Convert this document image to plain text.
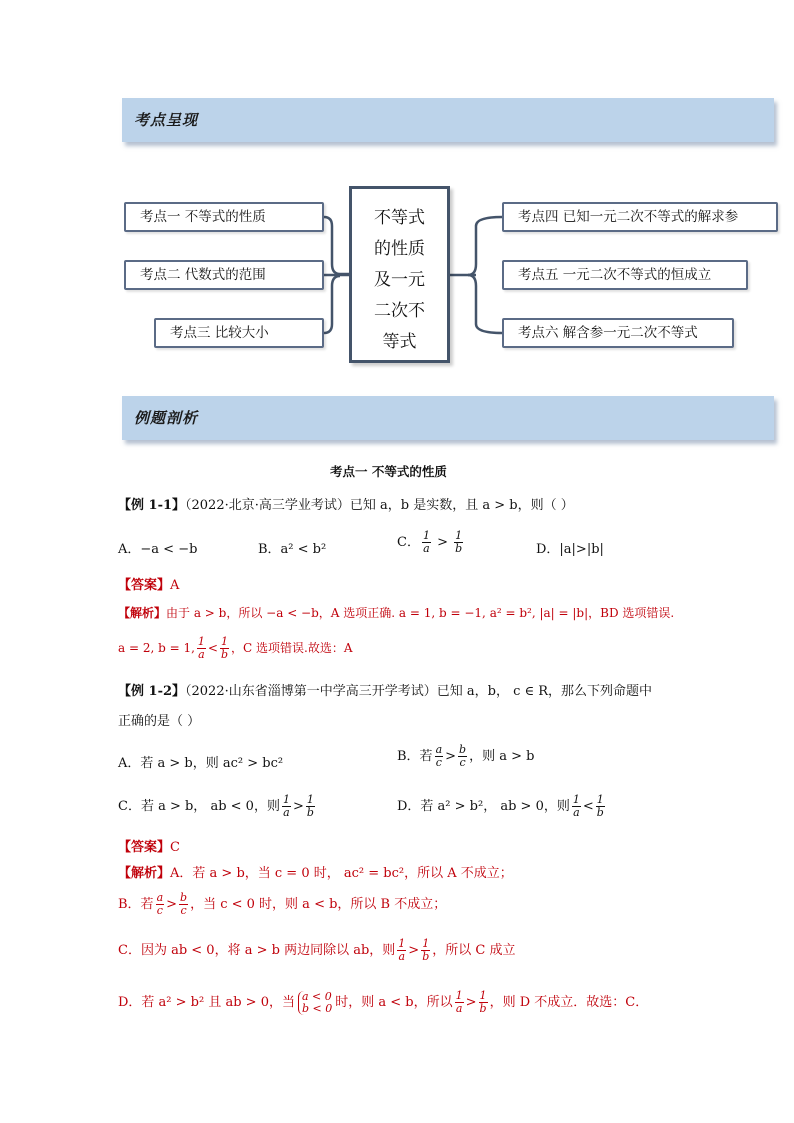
考点呈现
考点一 不等式的性质
考点二 代数式的范围
考点三 比较大小
不等式
的性质
及一元
二次不
等式
考点四 已知一元二次不等式的解求参
考点五 一元二次不等式的恒成立
考点六 解含参一元二次不等式
例题剖析
考点一 不等式的性质
【例 1-1】（2022·北京·高三学业考试）已知 a，b 是实数，且 a > b，则（ ）
A．−a < −b	B．a² < b²	C． $\frac{1}{a} > \frac{1}{b}$	D．|a|>|b|
【答案】A
【解析】由于 a > b，所以 −a < −b，A 选项正确. a = 1, b = −1, a² = b², |a| = |b|，BD 选项错误.
a = 2, b = 1, $\frac{1}{a} < \frac{1}{b}$ ，C 选项错误.故选：A
【例 1-2】（2022·山东省淄博第一中学高三开学考试）已知 a，b， c ∈ R，那么下列命题中
正确的是（ ）
A．若 a > b，则 ac² > bc²	B．若 $\frac{a}{c} > \frac{b}{c}$ ，则 a > b
C．若 a > b， ab < 0，则 $\frac{1}{a} > \frac{1}{b}$	D．若 a² > b²， ab > 0，则 $\frac{1}{a} < \frac{1}{b}$
【答案】C
【解析】A．若 a > b，当 c = 0 时， ac² = bc²，所以 A 不成立；
B．若 $\frac{a}{c} > \frac{b}{c}$ ，当 c < 0 时，则 a < b，所以 B 不成立；
C．因为 ab < 0，将 a > b 两边同除以 ab，则 $\frac{1}{a} > \frac{1}{b}$ ，所以 C 成立
D．若 a² > b² 且 ab > 0，当 a < 0
b < 0 时，则 a < b，所以 $\frac{1}{a} > \frac{1}{b}$ ，则 D 不成立．故选：C．
